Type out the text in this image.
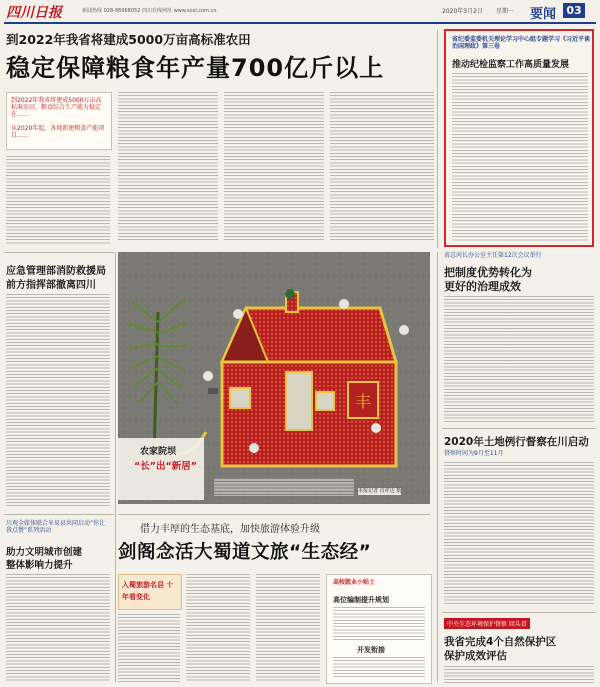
四川日报	新闻热线 028-86968052 四川在线网址 www.scol.com.cn	2020年3月2日 星期一 要闻 03
到2022年我省将建成5000万亩高标准农田
稳定保障粮食年产量700亿斤以上
到2022年我省将建成5000万亩高标准农田，粮食综合生产能力稳定在……
从2020年起，各地新建粮食产能项目……
省纪委监委机关理论学习中心组专题学习《习近平谈治国理政》第三卷
推动纪检监察工作高质量发展
应急管理部消防救援局
前方指挥部撤离四川
川观全媒体联合米易县共同启动“你让我点赞”系列活动
助力文明城市创建
整体影响力提升
丰
农家院坝
“长”出“新居”
本报记者 肖祥达 摄
借力丰厚的生态基底，加快旅游体验升级
剑阁念活大蜀道文旅“生态经”
入蜀旅游名县 十年看变化
高校就业小贴士
高位编制提升规划
开发衔接
省总河长办公室主任第12次会议举行
把制度优势转化为
更好的治理成效
2020年土地例行督察在川启动
督察时间为9月至11月
中央生态环境保护督察 回头看
我省完成4个自然保护区
保护成效评估
